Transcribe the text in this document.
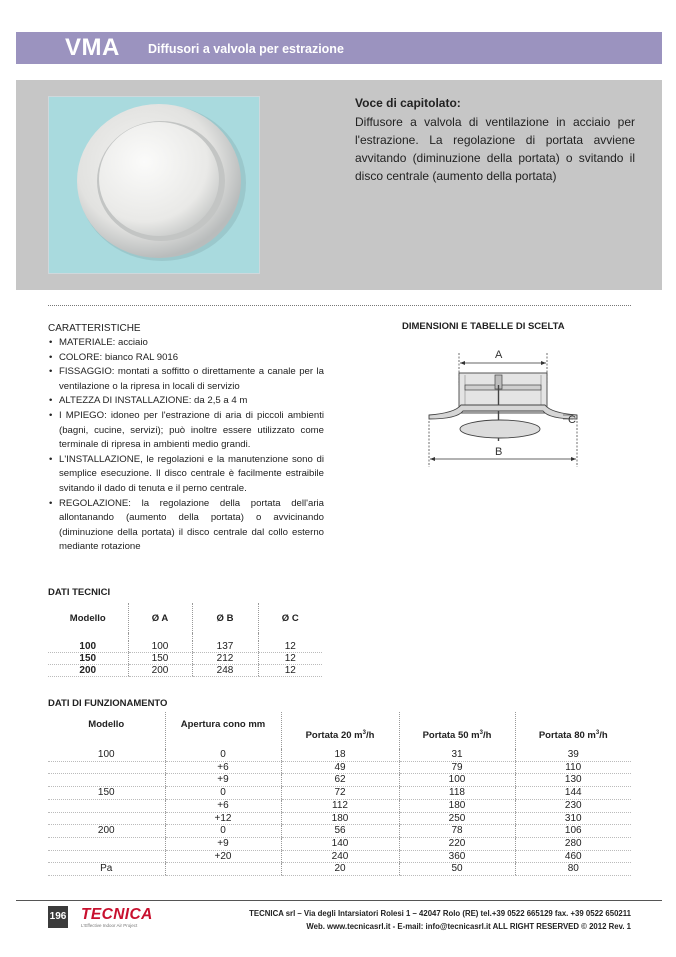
VMA Diffusori a valvola per estrazione
Voce di capitolato:
Diffusore a valvola di ventilazione in acciaio per l'estrazione. La regolazione di portata avviene avvitando (diminuzione della portata) o svitando il disco centrale (aumento della portata)
CARATTERISTICHE
• MATERIALE: acciaio
• COLORE: bianco RAL 9016
• FISSAGGIO: montati a soffitto o direttamente a canale per la ventilazione o la ripresa in locali di servizio
• ALTEZZA DI INSTALLAZIONE: da 2,5 a 4 m
• I MPIEGO: idoneo per l'estrazione di aria di piccoli ambienti (bagni, cucine, servizi); può inoltre essere utilizzato come terminale di ripresa in ambienti medio grandi.
• L'INSTALLAZIONE, le regolazioni e la manutenzione sono di semplice esecuzione. Il disco centrale è facilmente estraibile svitando il dado di tenuta e il perno centrale.
• REGOLAZIONE: la regolazione della portata dell'aria allontanando (aumento della portata) o avvicinando (diminuzione della portata) il disco centrale dal collo esterno mediante rotazione
DIMENSIONI E TABELLE DI SCELTA
A
C
B
DATI TECNICI
Modello	Ø A	Ø B	Ø C

100	100	137	12
150	150	212	12
200	200	248	12
DATI DI FUNZIONAMENTO
Modello	Apertura cono mm	Portata 20 $m^3/h$	Portata 50 $m^3/h$	Portata 80 $m^3/h$
100	0	18	31	39
	+6	49	79	110
	+9	62	100	130
150	0	72	118	144
	+6	112	180	230
	+12	180	250	310
200	0	56	78	106
	+9	140	220	280
	+20	240	360	460
Pa		20	50	80
196 TECNICA
L'Effective Indoor Air Project
TECNICA srl – Via degli Intarsiatori Rolesi 1 – 42047 Rolo (RE) tel.+39 0522 665129 fax. +39 0522 650211
Web. www.tecnicasrl.it - E-mail: info@tecnicasrl.it ALL RIGHT RESERVED © 2012 Rev. 1
